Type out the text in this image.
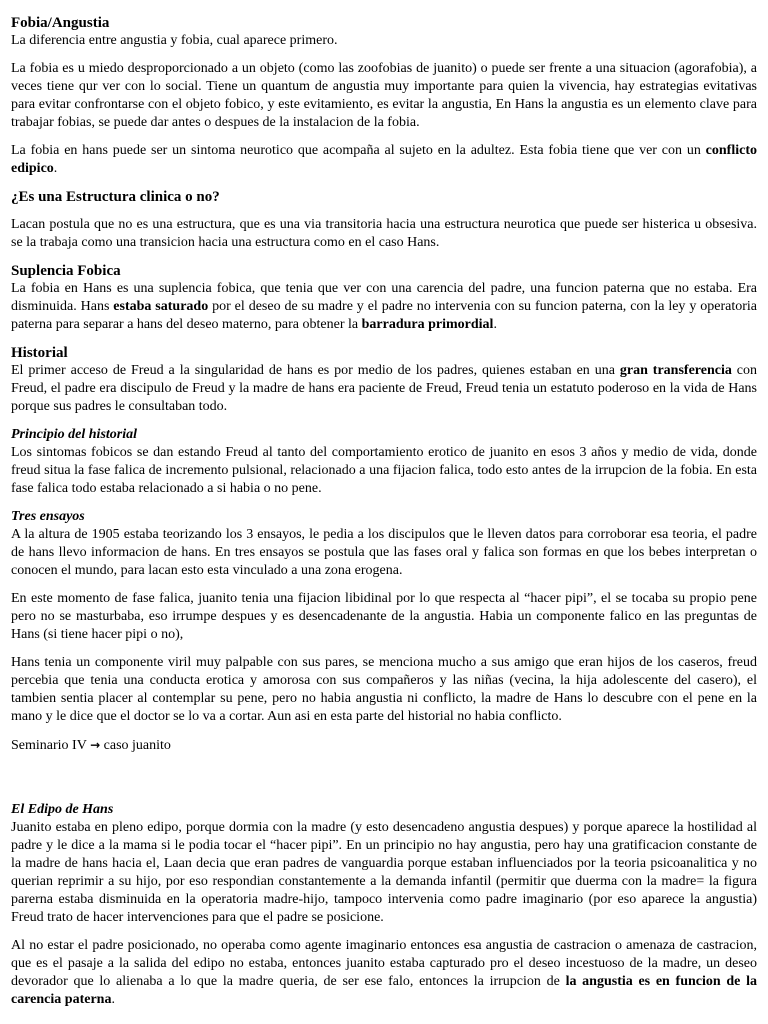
Fobia/Angustia

La diferencia entre angustia y fobia, cual aparece primero.

La fobia es u miedo desproporcionado a un objeto (como las zoofobias de juanito) o puede ser frente a una situacion (agorafobia), a veces tiene qur ver con lo social. Tiene un quantum de angustia muy importante para quien la vivencia, hay estrategias evitativas para evitar confrontarse con el objeto fobico, y este evitamiento, es evitar la angustia, En Hans la angustia es un elemento clave para trabajar fobias, se puede dar antes o despues de la instalacion de la fobia.

La fobia en hans puede ser un sintoma neurotico que acompaña al sujeto en la adultez. Esta fobia tiene que ver con un conflicto edipico.

¿Es una Estructura clinica o no?

Lacan postula que no es una estructura, que es una via transitoria hacia una estructura neurotica que puede ser histerica u obsesiva. se la trabaja como una transicion hacia una estructura como en el caso Hans.

Suplencia Fobica

La fobia en Hans es una suplencia fobica, que tenia que ver con una carencia del padre, una funcion paterna que no estaba. Era disminuida. Hans estaba saturado por el deseo de su madre y el padre no intervenia con su funcion paterna, con la ley y operatoria paterna para separar a hans del deseo materno, para obtener la barradura primordial.

Historial

El primer acceso de Freud a la singularidad de hans es por medio de los padres, quienes estaban en una gran transferencia con Freud, el padre era discipulo de Freud y la madre de hans era paciente de Freud, Freud tenia un estatuto poderoso en la vida de Hans porque sus padres le consultaban todo.

Principio del historial

Los sintomas fobicos se dan estando Freud al tanto del comportamiento erotico de juanito en esos 3 años y medio de vida, donde freud situa la fase falica de incremento pulsional, relacionado a una fijacion falica, todo esto antes de la irrupcion de la fobia. En esta fase falica todo estaba relacionado a si habia o no pene.

Tres ensayos

A la altura de 1905 estaba teorizando los 3 ensayos, le pedia a los discipulos que le lleven datos para corroborar esa teoria, el padre de hans llevo informacion de hans. En tres ensayos se postula que las fases oral y falica son formas en que los bebes interpretan o conocen el mundo, para lacan esto esta vinculado a una zona erogena.

En este momento de fase falica, juanito tenia una fijacion libidinal por lo que respecta al “hacer pipi”, el se tocaba su propio pene pero no se masturbaba, eso irrumpe despues y es desencadenante de la angustia. Habia un componente falico en las preguntas de Hans (si tiene hacer pipi o no),

Hans tenia un componente viril muy palpable con sus pares, se menciona mucho a sus amigo que eran hijos de los caseros, freud percebia que tenia una conducta erotica y amorosa con sus compañeros y las niñas (vecina, la hija adolescente del casero), el tambien sentia placer al contemplar su pene, pero no habia angustia ni conflicto, la madre de Hans lo descubre con el pene en la mano y le dice que el doctor se lo va a cortar. Aun asi en esta parte del historial no habia conflicto.

Seminario IV → caso juanito

El Edipo de Hans

Juanito estaba en pleno edipo, porque dormia con la madre (y esto desencadeno angustia despues) y porque aparece la hostilidad al padre y le dice a la mama si le podia tocar el “hacer pipi”. En un principio no hay angustia, pero hay una gratificacion constante de la madre de hans hacia el, Laan decia que eran padres de vanguardia porque estaban influenciados por la teoria psicoanalitica y no querian reprimir a su hijo, por eso respondian constantemente a la demanda infantil (permitir que duerma con la madre= la figura parerna estaba disminuida en la operatoria madre-hijo, tampoco intervenia como padre imaginario (por eso aparece la angustia) Freud trato de hacer intervenciones para que el padre se posicione.

Al no estar el padre posicionado, no operaba como agente imaginario entonces esa angustia de castracion o amenaza de castracion, que es el pasaje a la salida del edipo no estaba, entonces juanito estaba capturado pro el deseo incestuoso de la madre, un deseo devorador que lo alienaba a lo que la madre queria, de ser ese falo, entonces la irrupcion de la angustia es en funcion de la carencia paterna.
